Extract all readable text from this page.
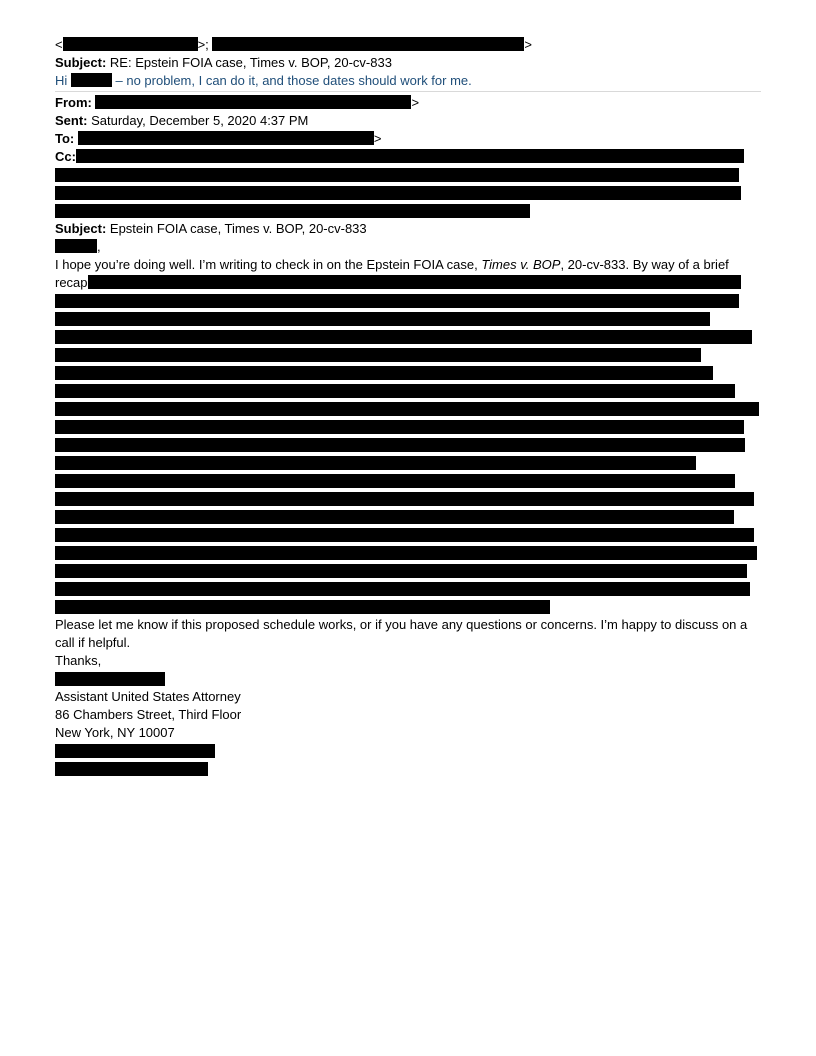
<	>;	>
Subject: RE: Epstein FOIA case, Times v. BOP, 20-cv-833
Hi	– no problem, I can do it, and those dates should work for me.
From:	>
Sent: Saturday, December 5, 2020 4:37 PM
To:	>
Cc:
Subject: Epstein FOIA case, Times v. BOP, 20-cv-833
,
I hope you’re doing well. I’m writing to check in on the Epstein FOIA case, Times v. BOP, 20-cv-833. By way of a brief
recap
Please let me know if this proposed schedule works, or if you have any questions or concerns. I’m happy to discuss on a call if helpful.
Thanks,
Assistant United States Attorney
86 Chambers Street, Third Floor
New York, NY 10007
